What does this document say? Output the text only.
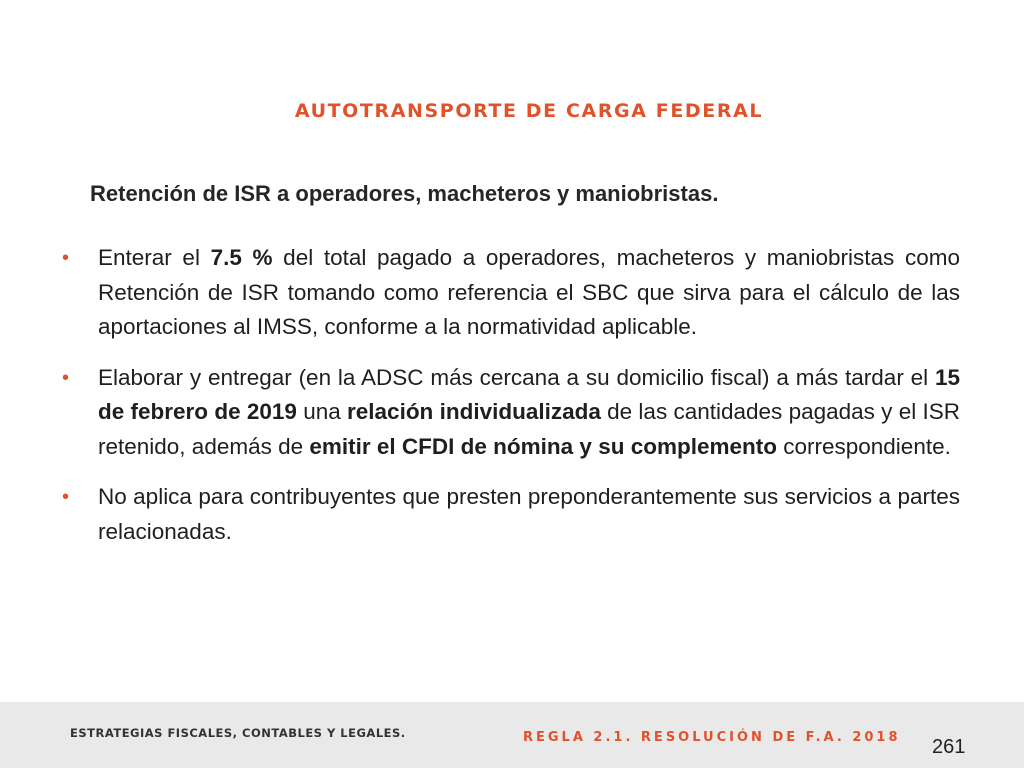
AUTOTRANSPORTE DE CARGA FEDERAL
Retención de ISR a operadores, macheteros y maniobristas.
• Enterar el 7.5 % del total pagado a operadores, macheteros y maniobristas como Retención de ISR tomando como referencia el SBC que sirva para el cálculo de las aportaciones al IMSS, conforme a la normatividad aplicable.
• Elaborar y entregar (en la ADSC más cercana a su domicilio fiscal) a más tardar el 15 de febrero de 2019 una relación individualizada de las cantidades pagadas y el ISR retenido, además de emitir el CFDI de nómina y su complemento correspondiente.
• No aplica para contribuyentes que presten preponderantemente sus servicios a partes relacionadas.
ESTRATEGIAS FISCALES, CONTABLES Y LEGALES.	REGLA 2.1. RESOLUCIÓN DE F.A. 2018 261
